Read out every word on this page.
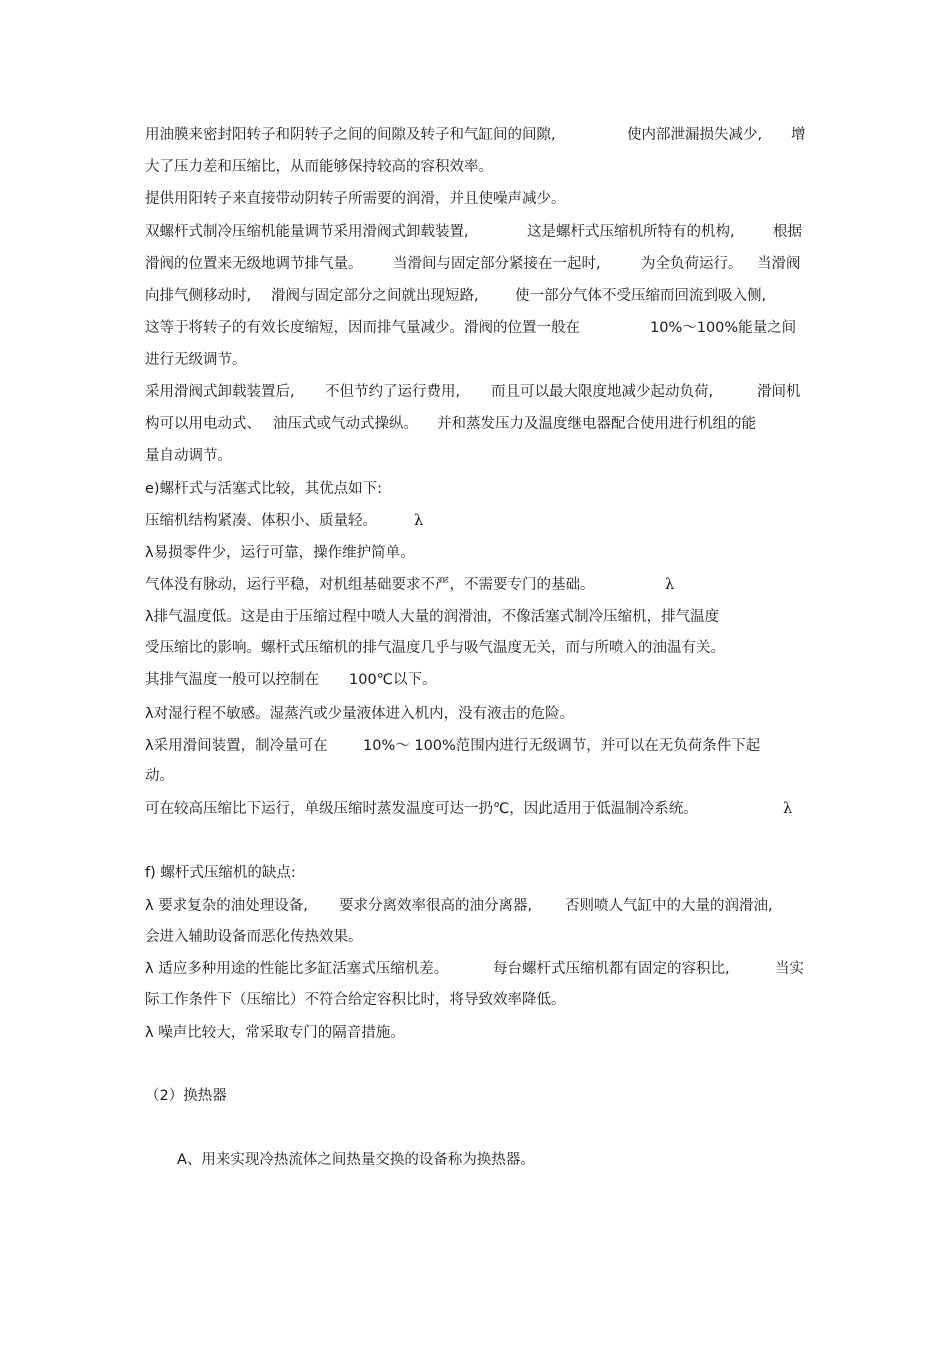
用油膜来密封阳转子和阴转子之间的间隙及转子和气缸间的间隙,	使内部泄漏损失减少, 增
大了压力差和压缩比，从而能够保持较高的容积效率。
提供用阳转子来直接带动阴转子所需要的润滑，并且使噪声减少。
双螺杆式制冷压缩机能量调节采用滑阀式卸载装置,	这是螺杆式压缩机所特有的机构,	根据
滑阀的位置来无级地调节排气量。 当滑间与固定部分紧接在一起时,	为全负荷运行。 当滑阀
向排气侧移动时, 滑阀与固定部分之间就出现短路,	使一部分气体不受压缩而回流到吸入侧,
这等于将转子的有效长度缩短，因而排气量减少。滑阀的位置一般在	10%～100%能量之间
进行无级调节。
采用滑阀式卸载装置后, 不但节约了运行费用, 而且可以最大限度地减少起动负荷,	滑间机
构可以用电动式、 油压式或气动式操纵。 并和蒸发压力及温度继电器配合使用进行机组的能
量自动调节。
e)螺杆式与活塞式比较，其优点如下:
压缩机结构紧凑、体积小、质量轻。	λ
λ易损零件少，运行可靠，操作维护简单。
气体没有脉动，运行平稳，对机组基础要求不严，不需要专门的基础。	λ
λ排气温度低。这是由于压缩过程中喷人大量的润滑油，不像活塞式制冷压缩机，排气温度
受压缩比的影响。螺杆式压缩机的排气温度几乎与吸气温度无关，而与所喷入的油温有关。
其排气温度一般可以控制在 100℃以下。
λ对湿行程不敏感。湿蒸汽或少量液体进入机内，没有液击的危险。
λ采用滑间装置，制冷量可在 10%～ 100%范围内进行无级调节，并可以在无负荷条件下起
动。
可在较高压缩比下运行，单级压缩时蒸发温度可达一扔℃，因此适用于低温制冷系统。	λ
f) 螺杆式压缩机的缺点:
λ 要求复杂的油处理设备, 要求分离效率很高的油分离器, 否则喷人气缸中的大量的润滑油,
会进入辅助设备而恶化传热效果。
λ 适应多种用途的性能比多缸活塞式压缩机差。	每台螺杆式压缩机都有固定的容积比,	当实
际工作条件下（压缩比）不符合给定容积比时，将导致效率降低。
λ 噪声比较大，常采取专门的隔音措施。
（2）换热器
A、用来实现冷热流体之间热量交换的设备称为换热器。
